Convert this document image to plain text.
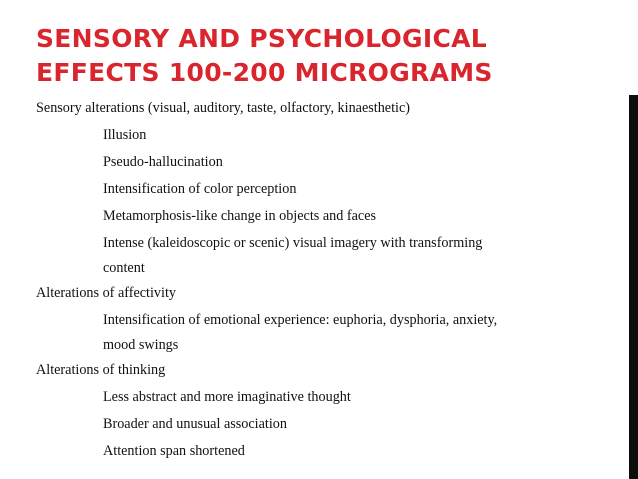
SENSORY AND PSYCHOLOGICAL
EFFECTS 100-200 MICROGRAMS

Sensory alterations (visual, auditory, taste, olfactory, kinaesthetic)

Illusion

Pseudo-hallucination

Intensification of color perception

Metamorphosis-like change in objects and faces

Intense (kaleidoscopic or scenic) visual imagery with transforming
content

Alterations of affectivity

Intensification of emotional experience: euphoria, dysphoria, anxiety,
mood swings

Alterations of thinking

Less abstract and more imaginative thought

Broader and unusual association

Attention span shortened
